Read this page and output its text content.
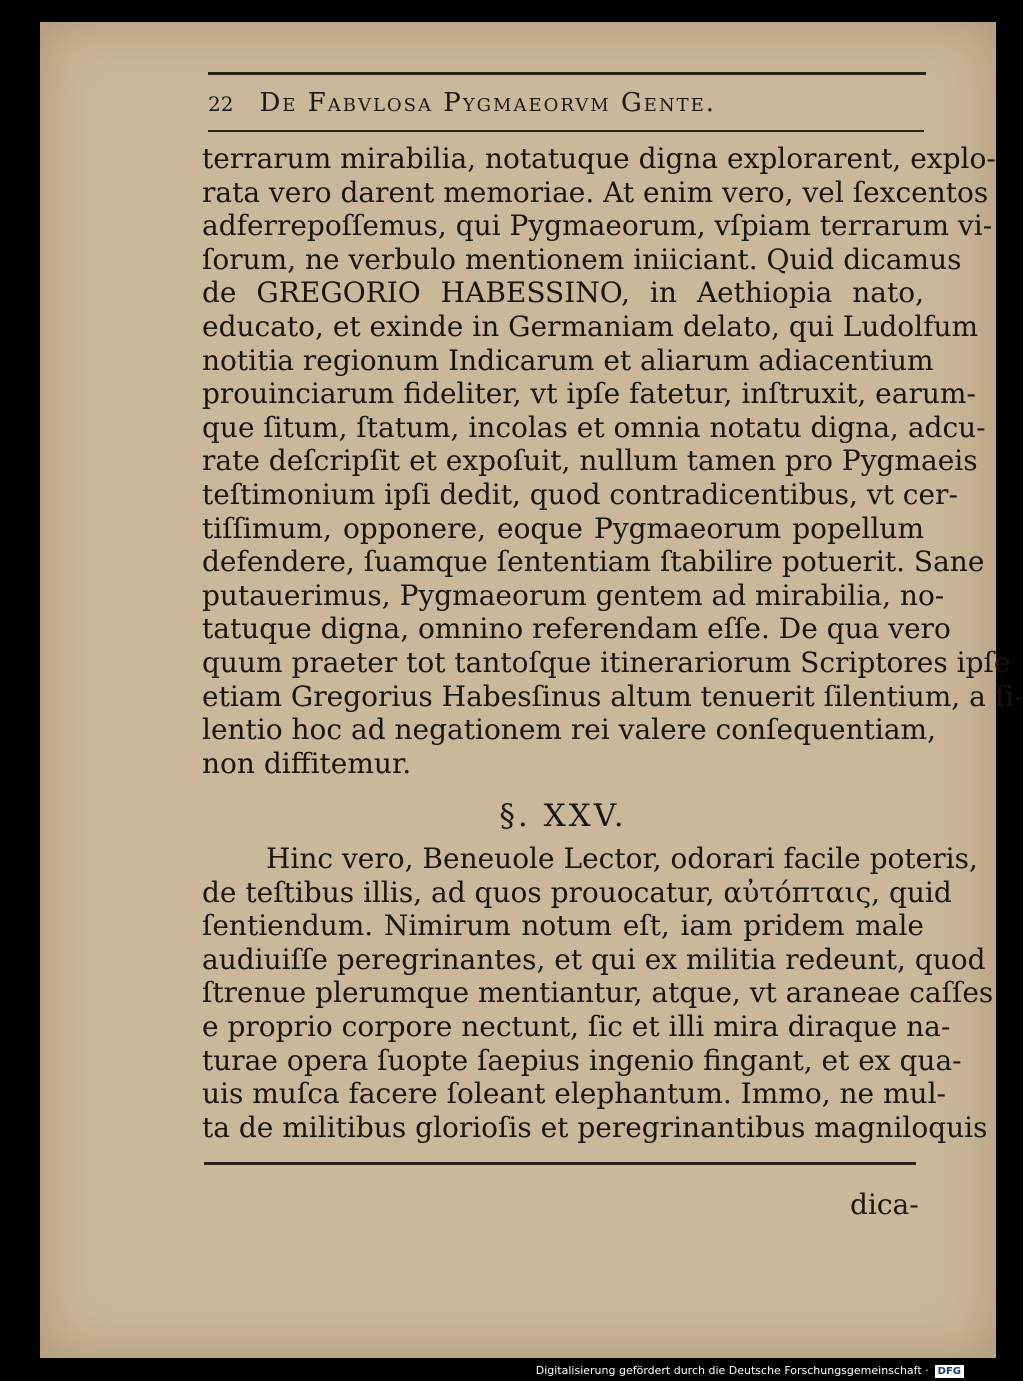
22 De Fabvlosa Pygmaeorvm Gente.
terrarum mirabilia, notatuque digna explorarent, explo-
rata vero darent memoriae. At enim vero, vel ſexcentos
adferrepoſſemus, qui Pygmaeorum, vſpiam terrarum vi-
ſorum, ne verbulo mentionem iniiciant. Quid dicamus
de GREGORIO HABESSINO, in Aethiopia nato,
educato, et exinde in Germaniam delato, qui Ludolfum
notitia regionum Indicarum et aliarum adiacentium
prouinciarum fideliter, vt ipſe fatetur, inſtruxit, earum-
que ſitum, ſtatum, incolas et omnia notatu digna, adcu-
rate deſcripſit et expoſuit, nullum tamen pro Pygmaeis
teſtimonium ipſi dedit, quod contradicentibus, vt cer-
tiſſimum, opponere, eoque Pygmaeorum popellum
defendere, ſuamque ſententiam ſtabilire potuerit. Sane
putauerimus, Pygmaeorum gentem ad mirabilia, no-
tatuque digna, omnino referendam eſſe. De qua vero
quum praeter tot tantoſque itinerariorum Scriptores ipſe
etiam Gregorius Habesſinus altum tenuerit ſilentium, a ſi-
lentio hoc ad negationem rei valere conſequentiam,
non diffitemur.
§. XXV.
Hinc vero, Beneuole Lector, odorari facile poteris,
de teſtibus illis, ad quos prouocatur, αὐτόπταις, quid
ſentiendum. Nimirum notum eſt, iam pridem male
audiuiſſe peregrinantes, et qui ex militia redeunt, quod
ſtrenue plerumque mentiantur, atque, vt araneae caſſes
e proprio corpore nectunt, ſic et illi mira diraque na-
turae opera ſuopte ſaepius ingenio fingant, et ex qua-
uis muſca facere ſoleant elephantum. Immo, ne mul-
ta de militibus glorioſis et peregrinantibus magniloquis
dica-
Digitalisierung gefördert durch die Deutsche Forschungsgemeinschaft · DFG
